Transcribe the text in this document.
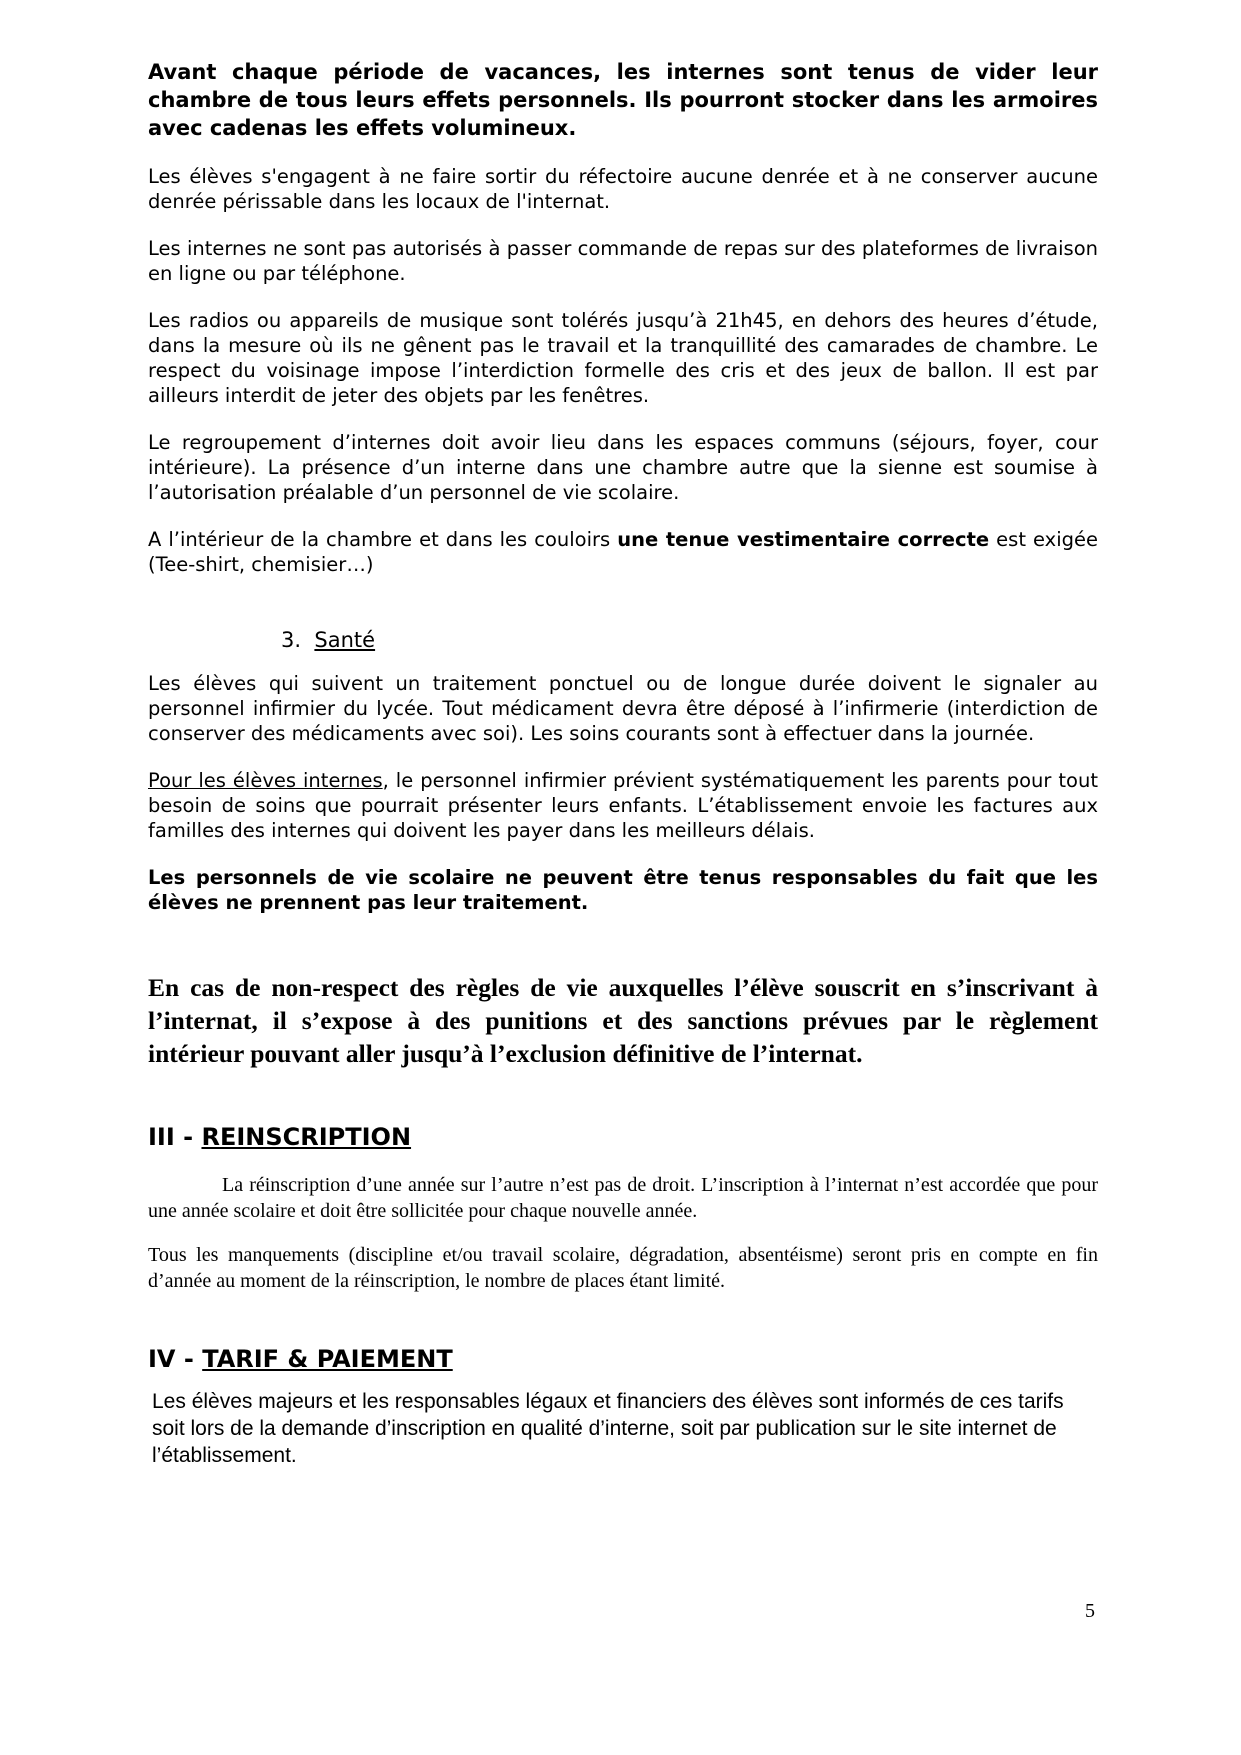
Avant chaque période de vacances, les internes sont tenus de vider leur chambre de tous leurs effets personnels. Ils pourront stocker dans les armoires avec cadenas les effets volumineux.

Les élèves s'engagent à ne faire sortir du réfectoire aucune denrée et à ne conserver aucune denrée périssable dans les locaux de l'internat.

Les internes ne sont pas autorisés à passer commande de repas sur des plateformes de livraison en ligne ou par téléphone.

Les radios ou appareils de musique sont tolérés jusqu’à 21h45, en dehors des heures d’étude, dans la mesure où ils ne gênent pas le travail et la tranquillité des camarades de chambre. Le respect du voisinage impose l’interdiction formelle des cris et des jeux de ballon. Il est par ailleurs interdit de jeter des objets par les fenêtres.

Le regroupement d’internes doit avoir lieu dans les espaces communs (séjours, foyer, cour intérieure). La présence d’un interne dans une chambre autre que la sienne est soumise à l’autorisation préalable d’un personnel de vie scolaire.

A l’intérieur de la chambre et dans les couloirs une tenue vestimentaire correcte est exigée (Tee-shirt, chemisier…)

3. Santé

Les élèves qui suivent un traitement ponctuel ou de longue durée doivent le signaler au personnel infirmier du lycée. Tout médicament devra être déposé à l’infirmerie (interdiction de conserver des médicaments avec soi). Les soins courants sont à effectuer dans la journée.

Pour les élèves internes, le personnel infirmier prévient systématiquement les parents pour tout besoin de soins que pourrait présenter leurs enfants. L’établissement envoie les factures aux familles des internes qui doivent les payer dans les meilleurs délais.

Les personnels de vie scolaire ne peuvent être tenus responsables du fait que les élèves ne prennent pas leur traitement.

En cas de non-respect des règles de vie auxquelles l’élève souscrit en s’inscrivant à l’internat, il s’expose à des punitions et des sanctions prévues par le règlement intérieur pouvant aller jusqu’à l’exclusion définitive de l’internat.

III - REINSCRIPTION

La réinscription d’une année sur l’autre n’est pas de droit. L’inscription à l’internat n’est accordée que pour une année scolaire et doit être sollicitée pour chaque nouvelle année.

Tous les manquements (discipline et/ou travail scolaire, dégradation, absentéisme) seront pris en compte en fin d’année au moment de la réinscription, le nombre de places étant limité.

IV - TARIF & PAIEMENT

Les élèves majeurs et les responsables légaux et financiers des élèves sont informés de ces tarifs soit lors de la demande d’inscription en qualité d’interne, soit par publication sur le site internet de l’établissement.

5
